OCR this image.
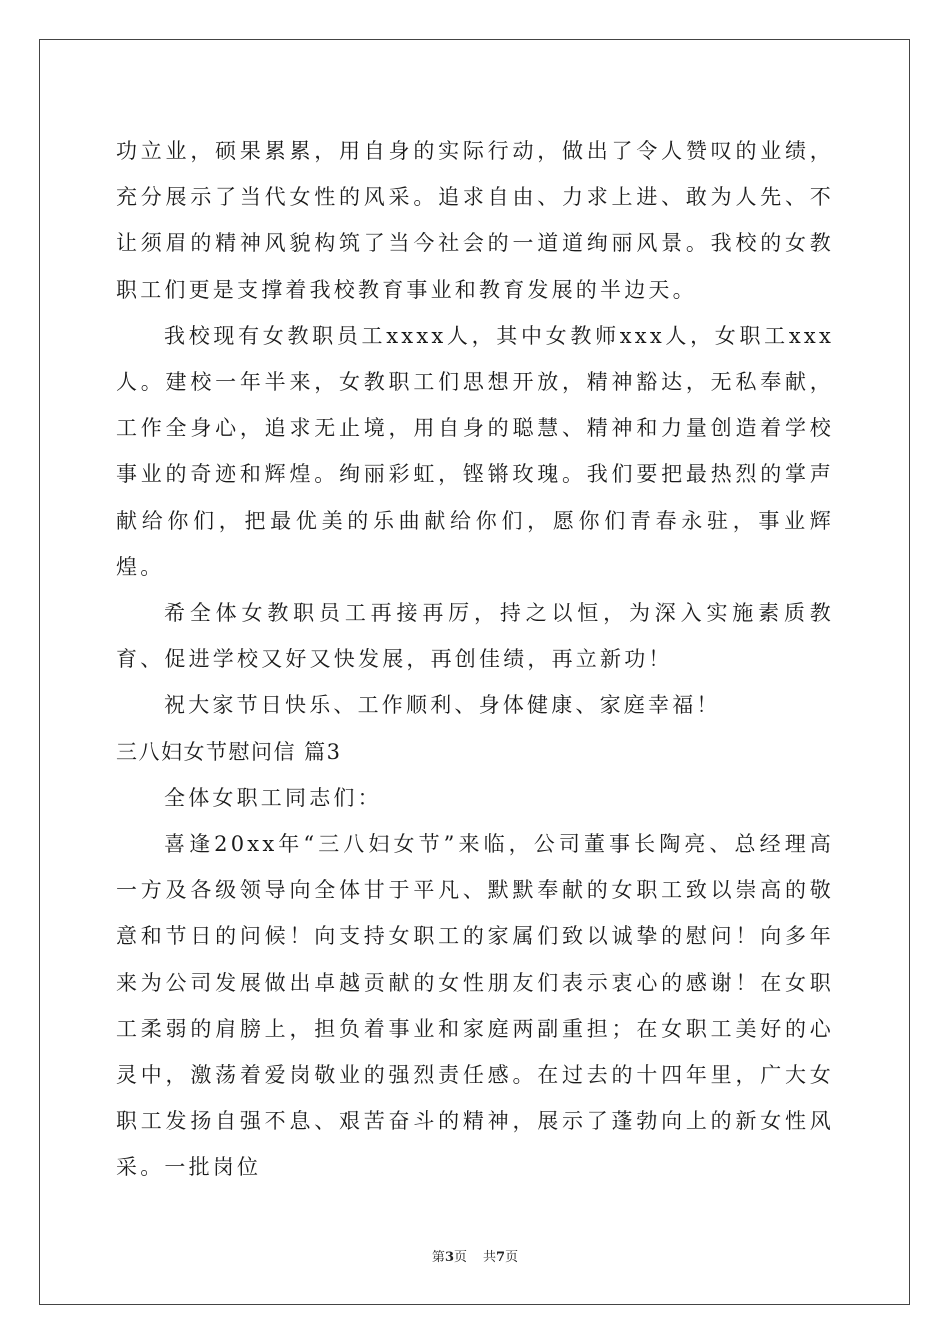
功立业，硕果累累，用自身的实际行动，做出了令人赞叹的业绩，充分展示了当代女性的风采。追求自由、力求上进、敢为人先、不让须眉的精神风貌构筑了当今社会的一道道绚丽风景。我校的女教职工们更是支撑着我校教育事业和教育发展的半边天。

我校现有女教职员工xxxx人，其中女教师xxx人，女职工xxx人。建校一年半来，女教职工们思想开放，精神豁达，无私奉献，工作全身心，追求无止境，用自身的聪慧、精神和力量创造着学校事业的奇迹和辉煌。绚丽彩虹，铿锵玫瑰。我们要把最热烈的掌声献给你们，把最优美的乐曲献给你们，愿你们青春永驻，事业辉煌。

希全体女教职员工再接再厉，持之以恒，为深入实施素质教育、促进学校又好又快发展，再创佳绩，再立新功！

祝大家节日快乐、工作顺利、身体健康、家庭幸福！

三八妇女节慰问信 篇3

全体女职工同志们：

喜逢20xx年“三八妇女节”来临，公司董事长陶亮、总经理高一方及各级领导向全体甘于平凡、默默奉献的女职工致以崇高的敬意和节日的问候！向支持女职工的家属们致以诚挚的慰问！向多年来为公司发展做出卓越贡献的女性朋友们表示衷心的感谢！在女职工柔弱的肩膀上，担负着事业和家庭两副重担；在女职工美好的心灵中，激荡着爱岗敬业的强烈责任感。在过去的十四年里，广大女职工发扬自强不息、艰苦奋斗的精神，展示了蓬勃向上的新女性风采。一批岗位

第3页 共7页
